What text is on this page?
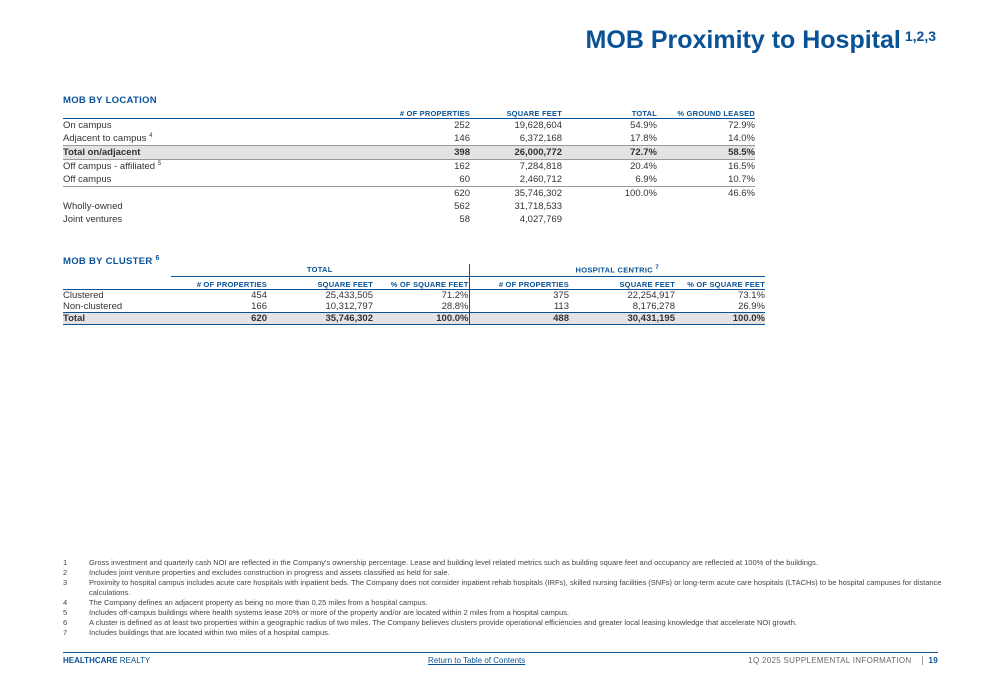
MOB Proximity to Hospital $^{1,2,3}$
MOB BY LOCATION
	# OF PROPERTIES	SQUARE FEET	TOTAL	% GROUND LEASED
On campus	252	19,628,604	54.9%	72.9%
Adjacent to campus $^4$	146	6,372,168	17.8%	14.0%
Total on/adjacent	398	26,000,772	72.7%	58.5%
Off campus - affiliated $^5$	162	7,284,818	20.4%	16.5%
Off campus	60	2,460,712	6.9%	10.7%
	620	35,746,302	100.0%	46.6%
Wholly-owned	562	31,718,533		
Joint ventures	58	4,027,769		
MOB BY CLUSTER $^6$
	TOTAL			HOSPITAL CENTRIC $^7$
	# OF PROPERTIES	SQUARE FEET	% OF SQUARE FEET	# OF PROPERTIES	SQUARE FEET	% OF SQUARE FEET
Clustered	454	25,433,505	71.2%	375	22,254,917	73.1%
Non-clustered	166	10,312,797	28.8%	113	8,176,278	26.9%
Total	620	35,746,302	100.0%	488	30,431,195	100.0%
1	Gross investment and quarterly cash NOI are reflected in the Company's ownership percentage. Lease and building level related metrics such as building square feet and occupancy are reflected at 100% of the buildings.
2	Includes joint venture properties and excludes construction in progress and assets classified as held for sale.
3	Proximity to hospital campus includes acute care hospitals with inpatient beds. The Company does not consider inpatient rehab hospitals (IRFs), skilled nursing facilities (SNFs) or long-term acute care hospitals (LTACHs) to be hospital campuses for distance calculations.
4	The Company defines an adjacent property as being no more than 0.25 miles from a hospital campus.
5	Includes off-campus buildings where health systems lease 20% or more of the property and/or are located within 2 miles from a hospital campus.
6	A cluster is defined as at least two properties within a geographic radius of two miles. The Company believes clusters provide operational efficiencies and greater local leasing knowledge that accelerate NOI growth.
7	Includes buildings that are located within two miles of a hospital campus.
HEALTHCARE REALTY	Return to Table of Contents	1Q 2025 SUPPLEMENTAL INFORMATION 19
